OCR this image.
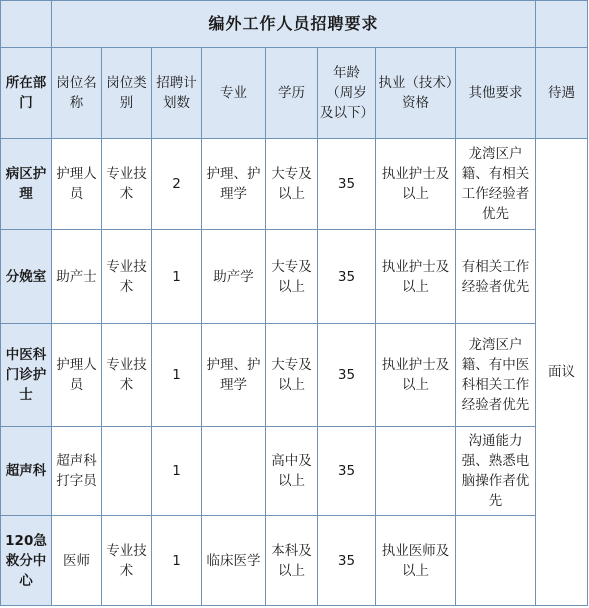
	编外工作人员招聘要求								
所在部门	岗位名称	岗位类别	招聘计划数	专业	学历	年龄（周岁及以下）	执业（技术）资格	其他要求	待遇
病区护理	护理人员	专业技术	2	护理、护理学	大专及以上	35	执业护士及以上	龙湾区户籍、有相关工作经验者优先	面议
分娩室	助产士	专业技术	1	助产学	大专及以上	35	执业护士及以上	有相关工作经验者优先	
中医科门诊护士	护理人员	专业技术	1	护理、护理学	大专及以上	35	执业护士及以上	龙湾区户籍、有中医科相关工作经验者优先	
超声科	超声科打字员		1		高中及以上	35		沟通能力强、熟悉电脑操作者优先	
120急救分中心	医师	专业技术	1	临床医学	本科及以上	35	执业医师及以上		
